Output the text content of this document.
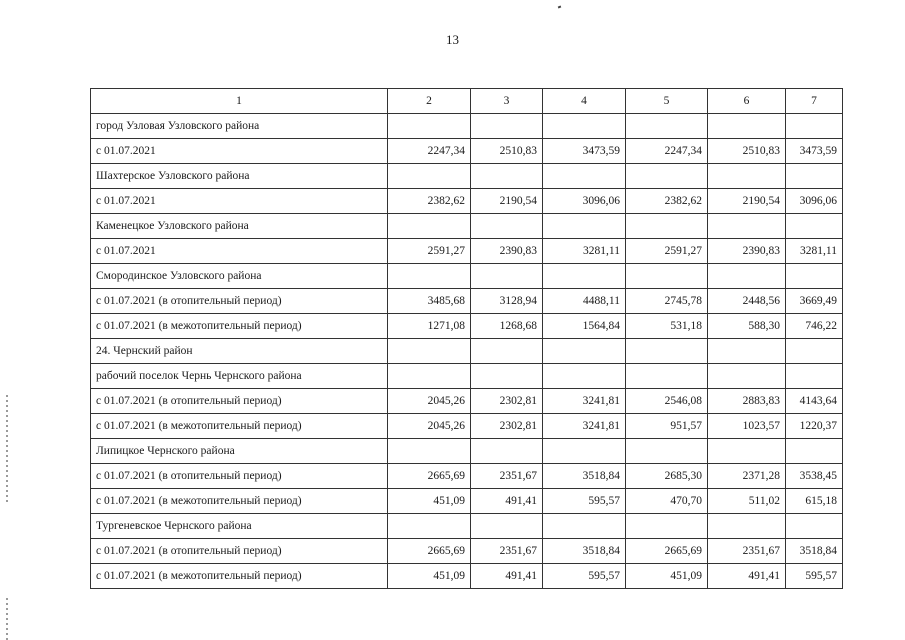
13
1	2	3	4	5	6	7
город Узловая Узловского района						
с 01.07.2021	2247,34	2510,83	3473,59	2247,34	2510,83	3473,59
Шахтерское Узловского района						
с 01.07.2021	2382,62	2190,54	3096,06	2382,62	2190,54	3096,06
Каменецкое Узловского района						
с 01.07.2021	2591,27	2390,83	3281,11	2591,27	2390,83	3281,11
Смородинское Узловского района						
с 01.07.2021 (в отопительный период)	3485,68	3128,94	4488,11	2745,78	2448,56	3669,49
с 01.07.2021 (в межотопительный период)	1271,08	1268,68	1564,84	531,18	588,30	746,22
24. Чернский район						
рабочий поселок Чернь Чернского района						
с 01.07.2021 (в отопительный период)	2045,26	2302,81	3241,81	2546,08	2883,83	4143,64
с 01.07.2021 (в межотопительный период)	2045,26	2302,81	3241,81	951,57	1023,57	1220,37
Липицкое Чернского района						
с 01.07.2021 (в отопительный период)	2665,69	2351,67	3518,84	2685,30	2371,28	3538,45
с 01.07.2021 (в межотопительный период)	451,09	491,41	595,57	470,70	511,02	615,18
Тургеневское Чернского района						
с 01.07.2021 (в отопительный период)	2665,69	2351,67	3518,84	2665,69	2351,67	3518,84
с 01.07.2021 (в межотопительный период)	451,09	491,41	595,57	451,09	491,41	595,57
